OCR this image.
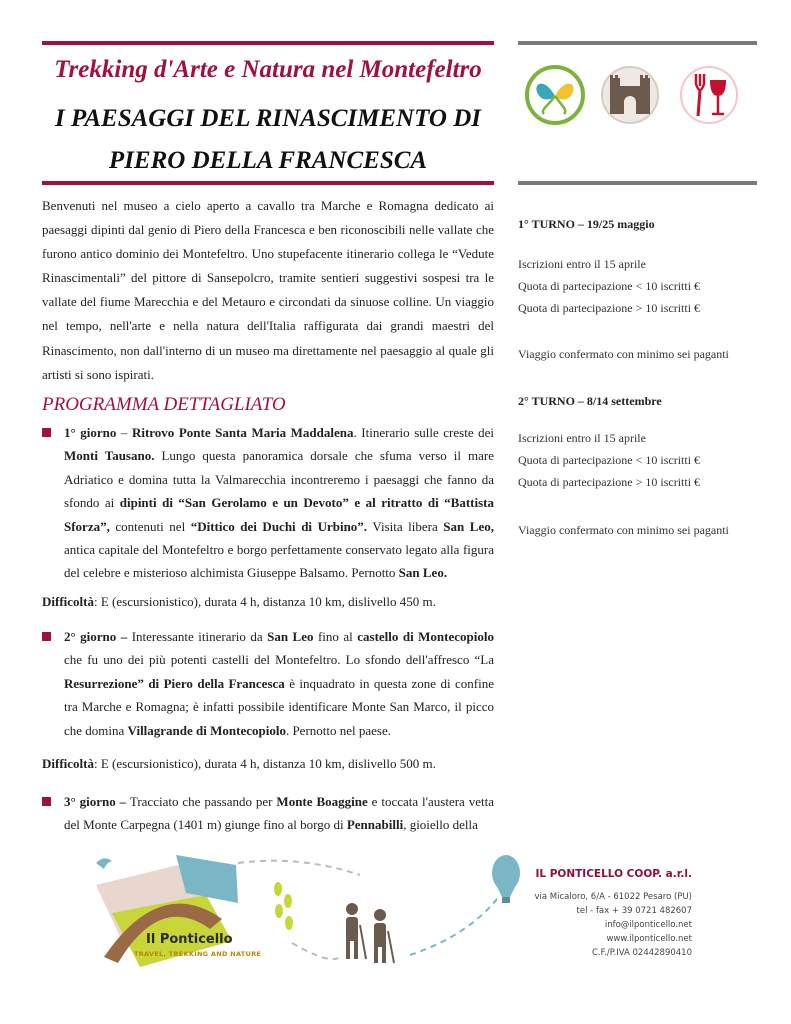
Trekking d'Arte e Natura nel Montefeltro
I PAESAGGI DEL RINASCIMENTO DI
PIERO DELLA FRANCESCA
Benvenuti nel museo a cielo aperto a cavallo tra Marche e Romagna dedicato ai paesaggi dipinti dal genio di Piero della Francesca e ben riconoscibili nelle vallate che furono antico dominio dei Montefeltro. Uno stupefacente itinerario collega le “Vedute Rinascimentali” del pittore di Sansepolcro, tramite sentieri suggestivi sospesi tra le vallate del fiume Marecchia e del Metauro e circondati da sinuose colline. Un viaggio nel tempo, nell'arte e nella natura dell'Italia raffigurata dai grandi maestri del Rinascimento, non dall'interno di un museo ma direttamente nel paesaggio al quale gli artisti si sono ispirati.
PROGRAMMA DETTAGLIATO
1° giorno – Ritrovo Ponte Santa Maria Maddalena. Itinerario sulle creste dei Monti Tausano. Lungo questa panoramica dorsale che sfuma verso il mare Adriatico e domina tutta la Valmarecchia incontreremo i paesaggi che fanno da sfondo ai dipinti di “San Gerolamo e un Devoto” e al ritratto di “Battista Sforza”, contenuti nel “Dittico dei Duchi di Urbino”. Visita libera San Leo, antica capitale del Montefeltro e borgo perfettamente conservato legato alla figura del celebre e misterioso alchimista Giuseppe Balsamo. Pernotto San Leo.
Difficoltà: E (escursionistico), durata 4 h, distanza 10 km, dislivello 450 m.
2° giorno – Interessante itinerario da San Leo fino al castello di Montecopiolo che fu uno dei più potenti castelli del Montefeltro. Lo sfondo dell'affresco “La Resurrezione” di Piero della Francesca è inquadrato in questa zone di confine tra Marche e Romagna; è infatti possibile identificare Monte San Marco, il picco che domina Villagrande di Montecopiolo. Pernotto nel paese.
Difficoltà: E (escursionistico), durata 4 h, distanza 10 km, dislivello 500 m.
3° giorno – Tracciato che passando per Monte Boaggine e toccata l'austera vetta del Monte Carpegna (1401 m) giunge fino al borgo di Pennabilli, gioiello della
1° TURNO – 19/25 maggio
Iscrizioni entro il 15 aprile
Quota di partecipazione < 10 iscritti €
Quota di partecipazione > 10 iscritti €
Viaggio confermato con minimo sei paganti
2° TURNO – 8/14 settembre
Iscrizioni entro il 15 aprile
Quota di partecipazione < 10 iscritti €
Quota di partecipazione > 10 iscritti €
Viaggio confermato con minimo sei paganti
Il Ponticello
TRAVEL, TREKKING AND NATURE
IL PONTICELLO COOP. a.r.l.
via Micaloro, 6/A - 61022 Pesaro (PU)
tel - fax + 39 0721 482607
info@ilponticello.net
www.ilponticello.net
C.F./P.IVA 02442890410
